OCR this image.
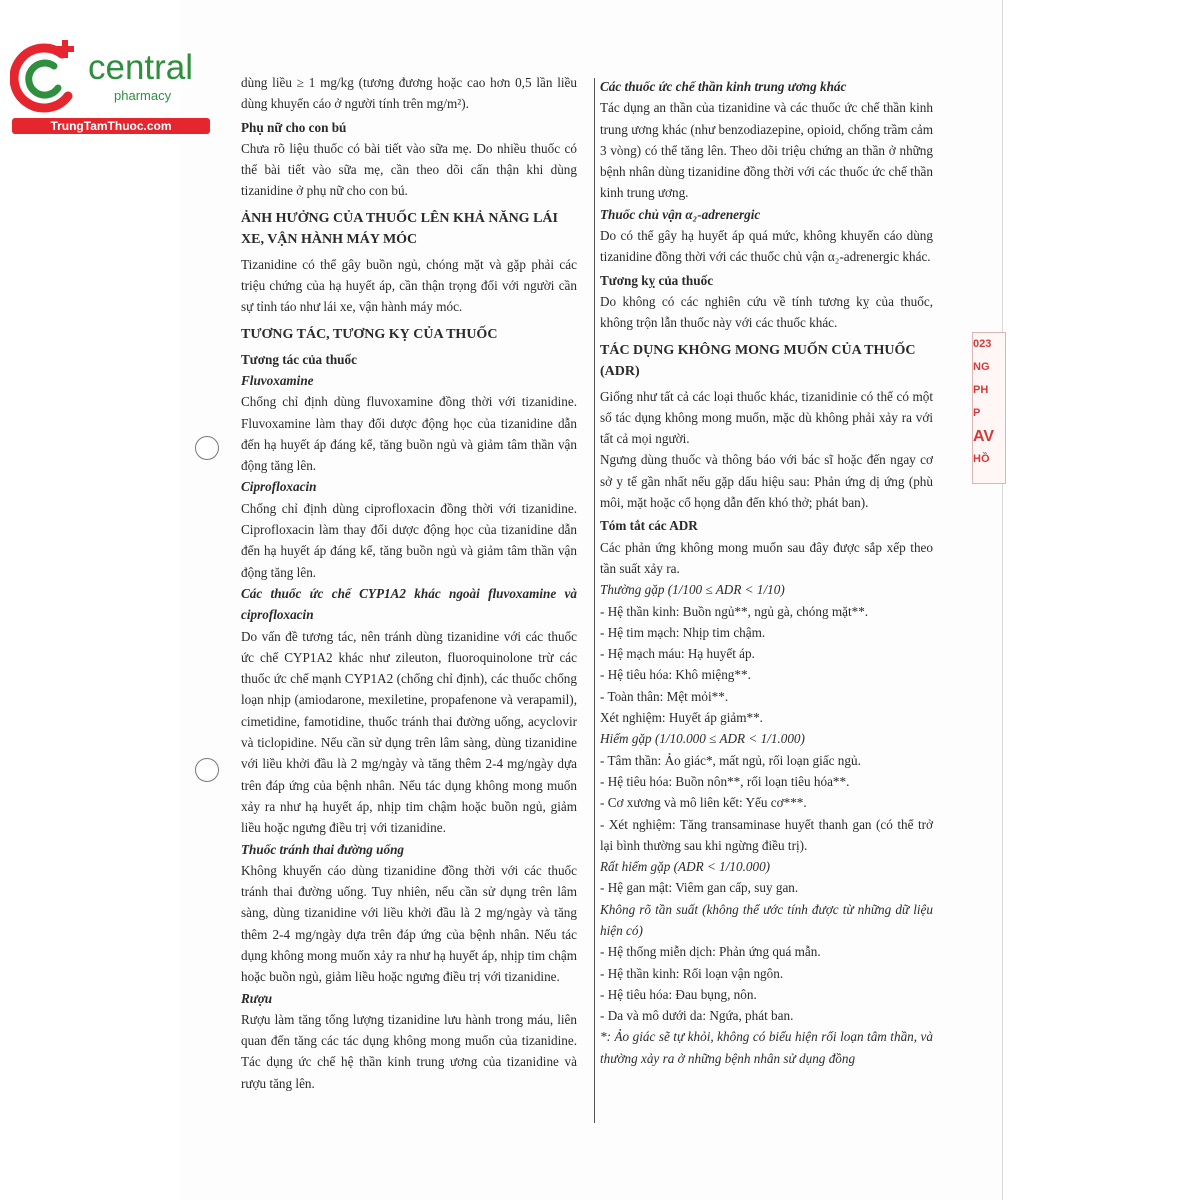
central
pharmacy
TrungTamThuoc.com
023
NG
PH
P
AV
HỒ

dùng liều ≥ 1 mg/kg (tương đương hoặc cao hơn 0,5 lần liều dùng khuyến cáo ở người tính trên mg/m²).

Phụ nữ cho con bú

Chưa rõ liệu thuốc có bài tiết vào sữa mẹ. Do nhiều thuốc có thể bài tiết vào sữa mẹ, cần theo dõi cẩn thận khi dùng tizanidine ở phụ nữ cho con bú.

ẢNH HƯỞNG CỦA THUỐC LÊN KHẢ NĂNG LÁI XE, VẬN HÀNH MÁY MÓC

Tizanidine có thể gây buồn ngủ, chóng mặt và gặp phải các triệu chứng của hạ huyết áp, cần thận trọng đối với người cần sự tỉnh táo như lái xe, vận hành máy móc.

TƯƠNG TÁC, TƯƠNG KỴ CỦA THUỐC

Tương tác của thuốc

Fluvoxamine

Chống chỉ định dùng fluvoxamine đồng thời với tizanidine. Fluvoxamine làm thay đổi dược động học của tizanidine dẫn đến hạ huyết áp đáng kể, tăng buồn ngủ và giảm tâm thần vận động tăng lên.

Ciprofloxacin

Chống chỉ định dùng ciprofloxacin đồng thời với tizanidine. Ciprofloxacin làm thay đổi dược động học của tizanidine dẫn đến hạ huyết áp đáng kể, tăng buồn ngủ và giảm tâm thần vận động tăng lên.

Các thuốc ức chế CYP1A2 khác ngoài fluvoxamine và ciprofloxacin

Do vấn đề tương tác, nên tránh dùng tizanidine với các thuốc ức chế CYP1A2 khác như zileuton, fluoroquinolone trừ các thuốc ức chế mạnh CYP1A2 (chống chỉ định), các thuốc chống loạn nhịp (amiodarone, mexiletine, propafenone và verapamil), cimetidine, famotidine, thuốc tránh thai đường uống, acyclovir và ticlopidine. Nếu cần sử dụng trên lâm sàng, dùng tizanidine với liều khởi đầu là 2 mg/ngày và tăng thêm 2-4 mg/ngày dựa trên đáp ứng của bệnh nhân. Nếu tác dụng không mong muốn xảy ra như hạ huyết áp, nhịp tim chậm hoặc buồn ngủ, giảm liều hoặc ngưng điều trị với tizanidine.

Thuốc tránh thai đường uống

Không khuyến cáo dùng tizanidine đồng thời với các thuốc tránh thai đường uống. Tuy nhiên, nếu cần sử dụng trên lâm sàng, dùng tizanidine với liều khởi đầu là 2 mg/ngày và tăng thêm 2-4 mg/ngày dựa trên đáp ứng của bệnh nhân. Nếu tác dụng không mong muốn xảy ra như hạ huyết áp, nhịp tim chậm hoặc buồn ngủ, giảm liều hoặc ngưng điều trị với tizanidine.

Rượu

Rượu làm tăng tổng lượng tizanidine lưu hành trong máu, liên quan đến tăng các tác dụng không mong muốn của tizanidine. Tác dụng ức chế hệ thần kinh trung ương của tizanidine và rượu tăng lên.

Các thuốc ức chế thần kinh trung ương khác

Tác dụng an thần của tizanidine và các thuốc ức chế thần kinh trung ương khác (như benzodiazepine, opioid, chống trầm cảm 3 vòng) có thể tăng lên. Theo dõi triệu chứng an thần ở những bệnh nhân dùng tizanidine đồng thời với các thuốc ức chế thần kinh trung ương.

Thuốc chủ vận α₂-adrenergic

Do có thể gây hạ huyết áp quá mức, không khuyến cáo dùng tizanidine đồng thời với các thuốc chủ vận α₂-adrenergic khác.

Tương kỵ của thuốc

Do không có các nghiên cứu về tính tương kỵ của thuốc, không trộn lẫn thuốc này với các thuốc khác.

TÁC DỤNG KHÔNG MONG MUỐN CỦA THUỐC (ADR)

Giống như tất cả các loại thuốc khác, tizanidinie có thể có một số tác dụng không mong muốn, mặc dù không phải xảy ra với tất cả mọi người.

Ngưng dùng thuốc và thông báo với bác sĩ hoặc đến ngay cơ sở y tế gần nhất nếu gặp dấu hiệu sau: Phản ứng dị ứng (phù môi, mặt hoặc cổ họng dẫn đến khó thở; phát ban).

Tóm tắt các ADR

Các phản ứng không mong muốn sau đây được sắp xếp theo tần suất xảy ra.

Thường gặp (1/100 ≤ ADR < 1/10)

- Hệ thần kinh: Buồn ngủ**, ngủ gà, chóng mặt**.

- Hệ tim mạch: Nhịp tim chậm.

- Hệ mạch máu: Hạ huyết áp.

- Hệ tiêu hóa: Khô miệng**.

- Toàn thân: Mệt mỏi**.

Xét nghiệm: Huyết áp giảm**.

Hiếm gặp (1/10.000 ≤ ADR < 1/1.000)

- Tâm thần: Ảo giác*, mất ngủ, rối loạn giấc ngủ.

- Hệ tiêu hóa: Buồn nôn**, rối loạn tiêu hóa**.

- Cơ xương và mô liên kết: Yếu cơ***.

- Xét nghiệm: Tăng transaminase huyết thanh gan (có thể trở lại bình thường sau khi ngừng điều trị).

Rất hiếm gặp (ADR < 1/10.000)

- Hệ gan mật: Viêm gan cấp, suy gan.

Không rõ tần suất (không thể ước tính được từ những dữ liệu hiện có)

- Hệ thống miễn dịch: Phản ứng quá mẫn.

- Hệ thần kinh: Rối loạn vận ngôn.

- Hệ tiêu hóa: Đau bụng, nôn.

- Da và mô dưới da: Ngứa, phát ban.

*: Ảo giác sẽ tự khỏi, không có biểu hiện rối loạn tâm thần, và thường xảy ra ở những bệnh nhân sử dụng đồng
